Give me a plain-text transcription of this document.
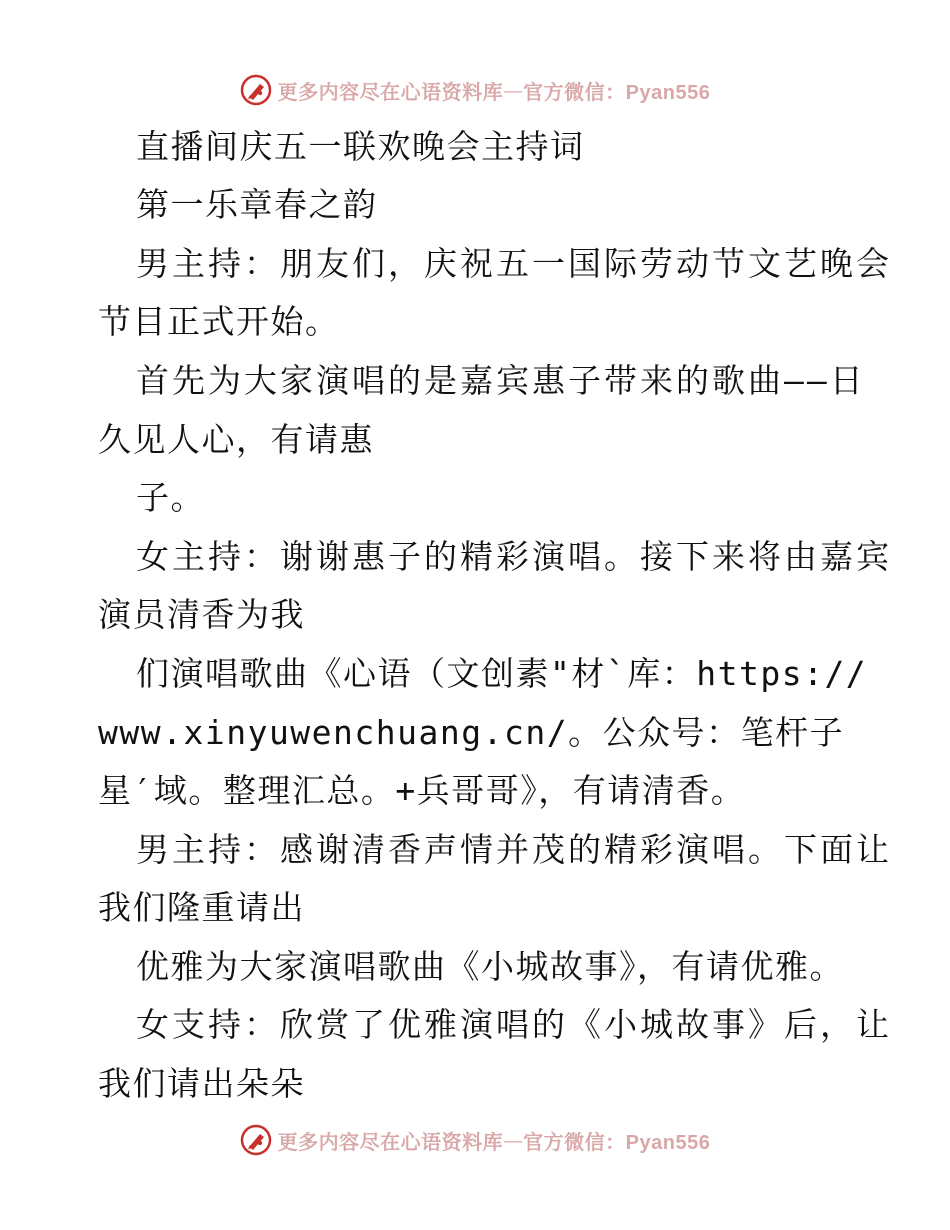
更多内容尽在心语资料库 — 官方微信：Pyan556
直播间庆五一联欢晚会主持词
第一乐章春之韵
男主持：朋友们，庆祝五一国际劳动节文艺晚会
节目正式开始。
首先为大家演唱的是嘉宾惠子带来的歌曲——日
久见人心，有请惠
子。
女主持：谢谢惠子的精彩演唱。接下来将由嘉宾
演员清香为我
们演唱歌曲《心语（文创素"材`库：https://
www.xinyuwenchuang.cn/。公众号：笔杆子
星′域。整理汇总。+兵哥哥》，有请清香。
男主持：感谢清香声情并茂的精彩演唱。下面让
我们隆重请出
优雅为大家演唱歌曲《小城故事》，有请优雅。
女支持：欣赏了优雅演唱的《小城故事》后，让
我们请出朵朵
更多内容尽在心语资料库 — 官方微信：Pyan556
